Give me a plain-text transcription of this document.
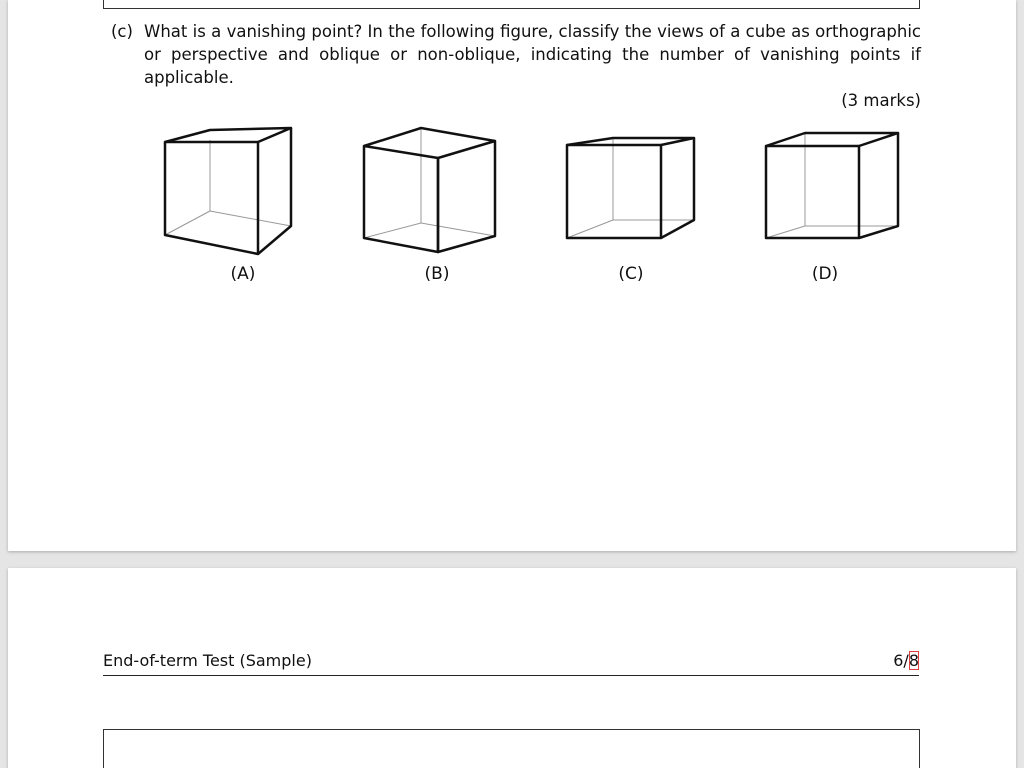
(c) What is a vanishing point? In the following figure, classify the views of a cube as orthographic
or perspective and oblique or non-oblique, indicating the number of vanishing points if applicable.
(3 marks)
(A)	(B)	(C)	(D)
End-of-term Test (Sample)	6/8
